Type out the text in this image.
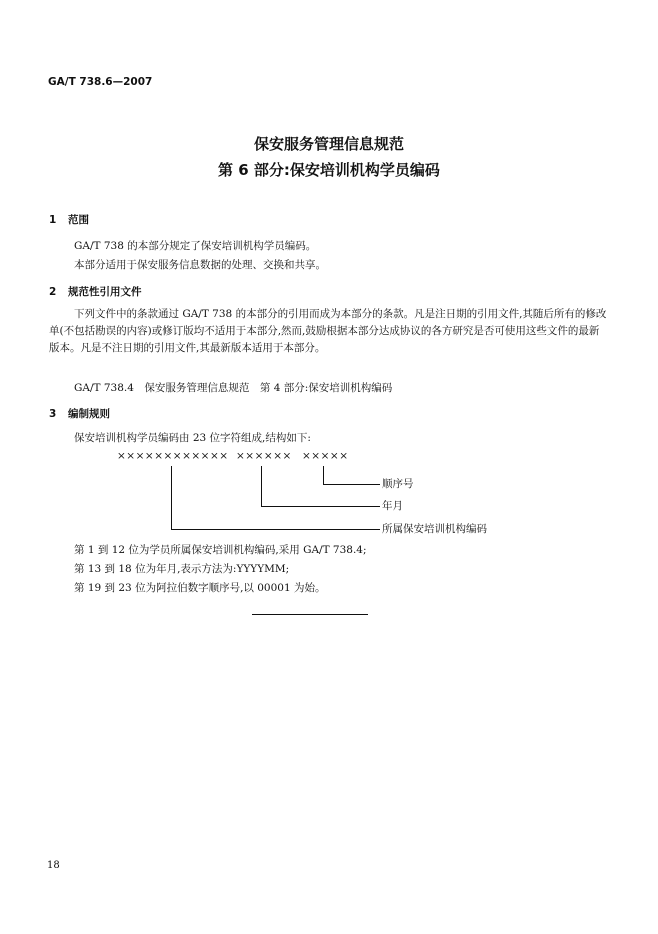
GA/T 738.6—2007
保安服务管理信息规范
第 6 部分:保安培训机构学员编码
1 范围
GA/T 738 的本部分规定了保安培训机构学员编码。
本部分适用于保安服务信息数据的处理、交换和共享。
2 规范性引用文件
下列文件中的条款通过 GA/T 738 的本部分的引用而成为本部分的条款。凡是注日期的引用文件,其随后所有的修改单(不包括勘误的内容)或修订版均不适用于本部分,然而,鼓励根据本部分达成协议的各方研究是否可使用这些文件的最新版本。凡是不注日期的引用文件,其最新版本适用于本部分。
GA/T 738.4　保安服务管理信息规范　第 4 部分:保安培训机构编码
3 编制规则
保安培训机构学员编码由 23 位字符组成,结构如下:
×××××××××××× ×××××× ×××××
顺序号
年月
所属保安培训机构编码
第 1 到 12 位为学员所属保安培训机构编码,采用 GA/T 738.4;
第 13 到 18 位为年月,表示方法为:YYYYMM;
第 19 到 23 位为阿拉伯数字顺序号,以 00001 为始。
18
